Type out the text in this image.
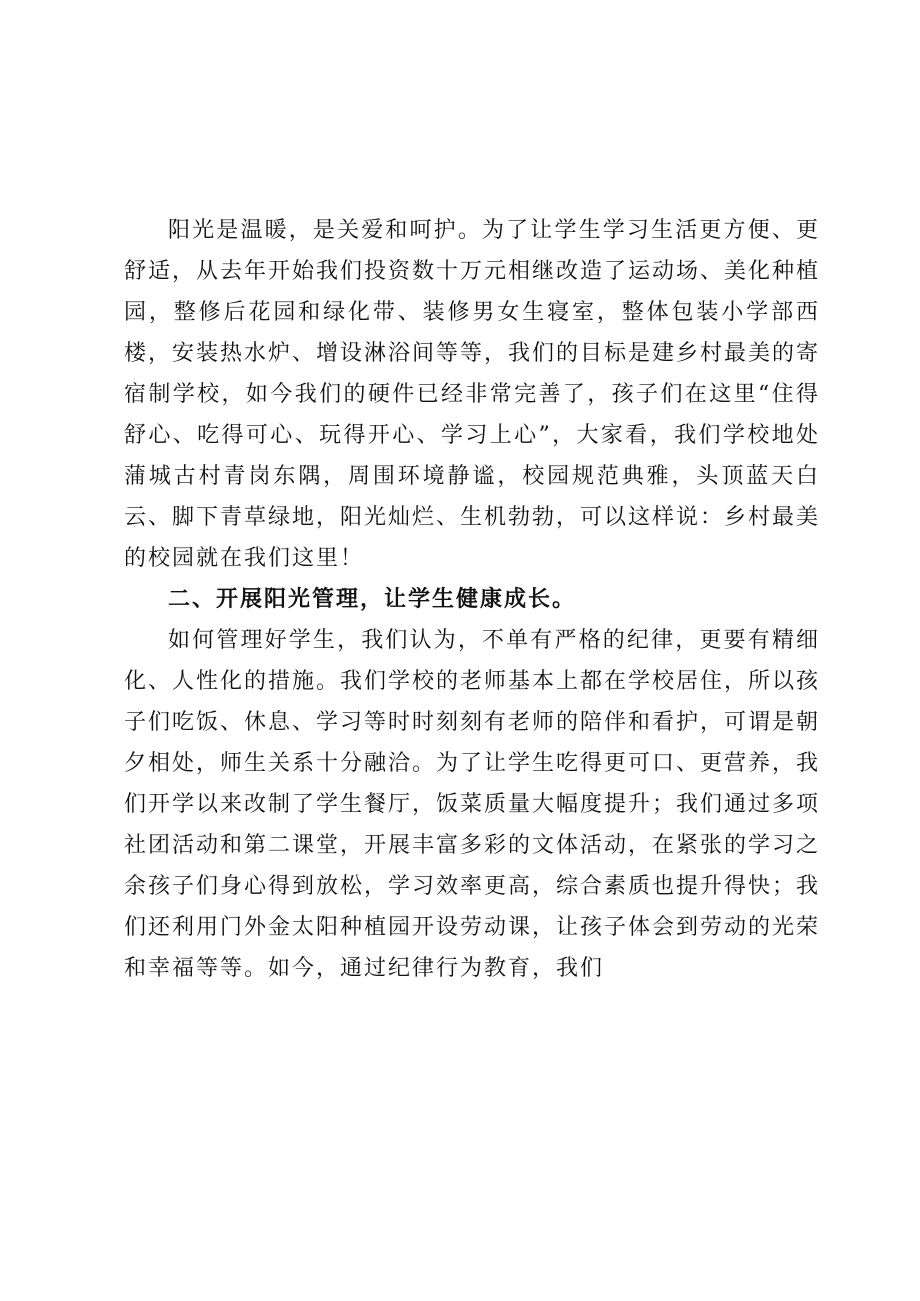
阳光是温暖，是关爱和呵护。为了让学生学习生活更方便、更舒适，从去年开始我们投资数十万元相继改造了运动场、美化种植园，整修后花园和绿化带、装修男女生寝室，整体包装小学部西楼，安装热水炉、增设淋浴间等等，我们的目标是建乡村最美的寄宿制学校，如今我们的硬件已经非常完善了，孩子们在这里“住得舒心、吃得可心、玩得开心、学习上心”，大家看，我们学校地处蒲城古村青岗东隅，周围环境静谧，校园规范典雅，头顶蓝天白云、脚下青草绿地，阳光灿烂、生机勃勃，可以这样说：乡村最美的校园就在我们这里！

二、开展阳光管理，让学生健康成长。

如何管理好学生，我们认为，不单有严格的纪律，更要有精细化、人性化的措施。我们学校的老师基本上都在学校居住，所以孩子们吃饭、休息、学习等时时刻刻有老师的陪伴和看护，可谓是朝夕相处，师生关系十分融洽。为了让学生吃得更可口、更营养，我们开学以来改制了学生餐厅，饭菜质量大幅度提升；我们通过多项社团活动和第二课堂，开展丰富多彩的文体活动，在紧张的学习之余孩子们身心得到放松，学习效率更高，综合素质也提升得快；我们还利用门外金太阳种植园开设劳动课，让孩子体会到劳动的光荣和幸福等等。如今，通过纪律行为教育，我们
